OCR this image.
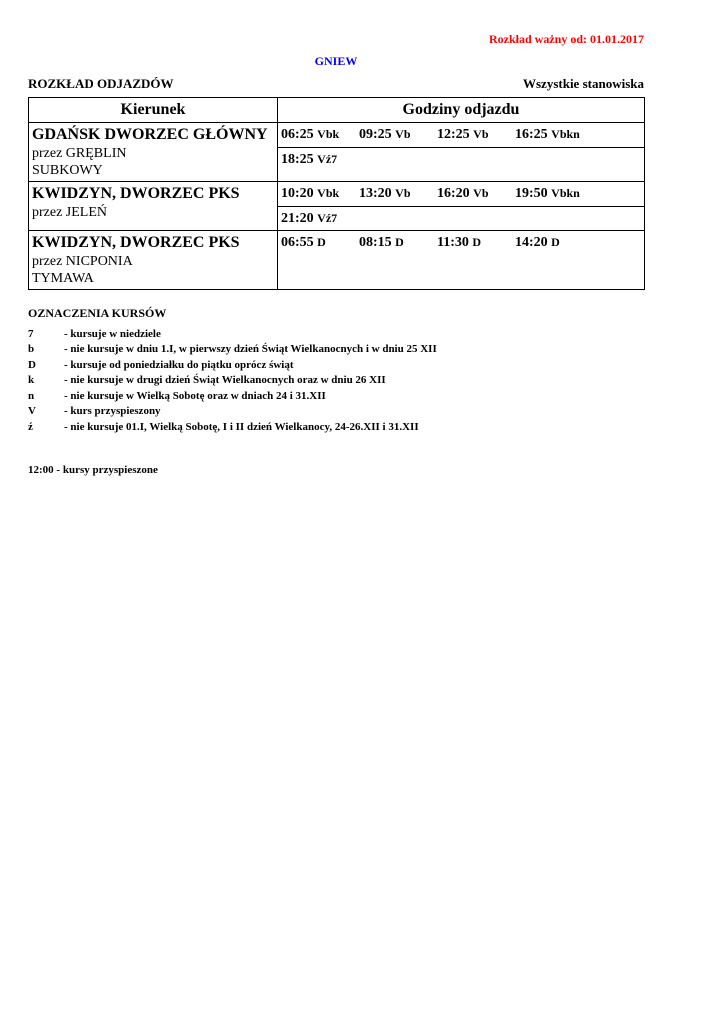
Rozkład ważny od: 01.01.2017
GNIEW
ROZKŁAD ODJAZDÓW	Wszystkie stanowiska
Kierunek	Godziny odjazdu
GDAŃSK DWORZEC GŁÓWNY
przez GRĘBLIN
SUBKOWY
06:25 Vbk	09:25 Vb	12:25 Vb	16:25 Vbkn
18:25 Vź7
KWIDZYN, DWORZEC PKS
przez JELEŃ
10:20 Vbk	13:20 Vb	16:20 Vb	19:50 Vbkn
21:20 Vź7
KWIDZYN, DWORZEC PKS
przez NICPONIA
TYMAWA
06:55 D	08:15 D	11:30 D	14:20 D
OZNACZENIA KURSÓW
7	- kursuje w niedziele
b	- nie kursuje w dniu 1.I, w pierwszy dzień Świąt Wielkanocnych i w dniu 25 XII
D	- kursuje od poniedziałku do piątku oprócz świąt
k	- nie kursuje w drugi dzień Świąt Wielkanocnych oraz w dniu 26 XII
n	- nie kursuje w Wielką Sobotę oraz w dniach 24 i 31.XII
V	- kurs przyspieszony
ź	- nie kursuje 01.I, Wielką Sobotę, I i II dzień Wielkanocy, 24-26.XII i 31.XII
12:00 - kursy przyspieszone
